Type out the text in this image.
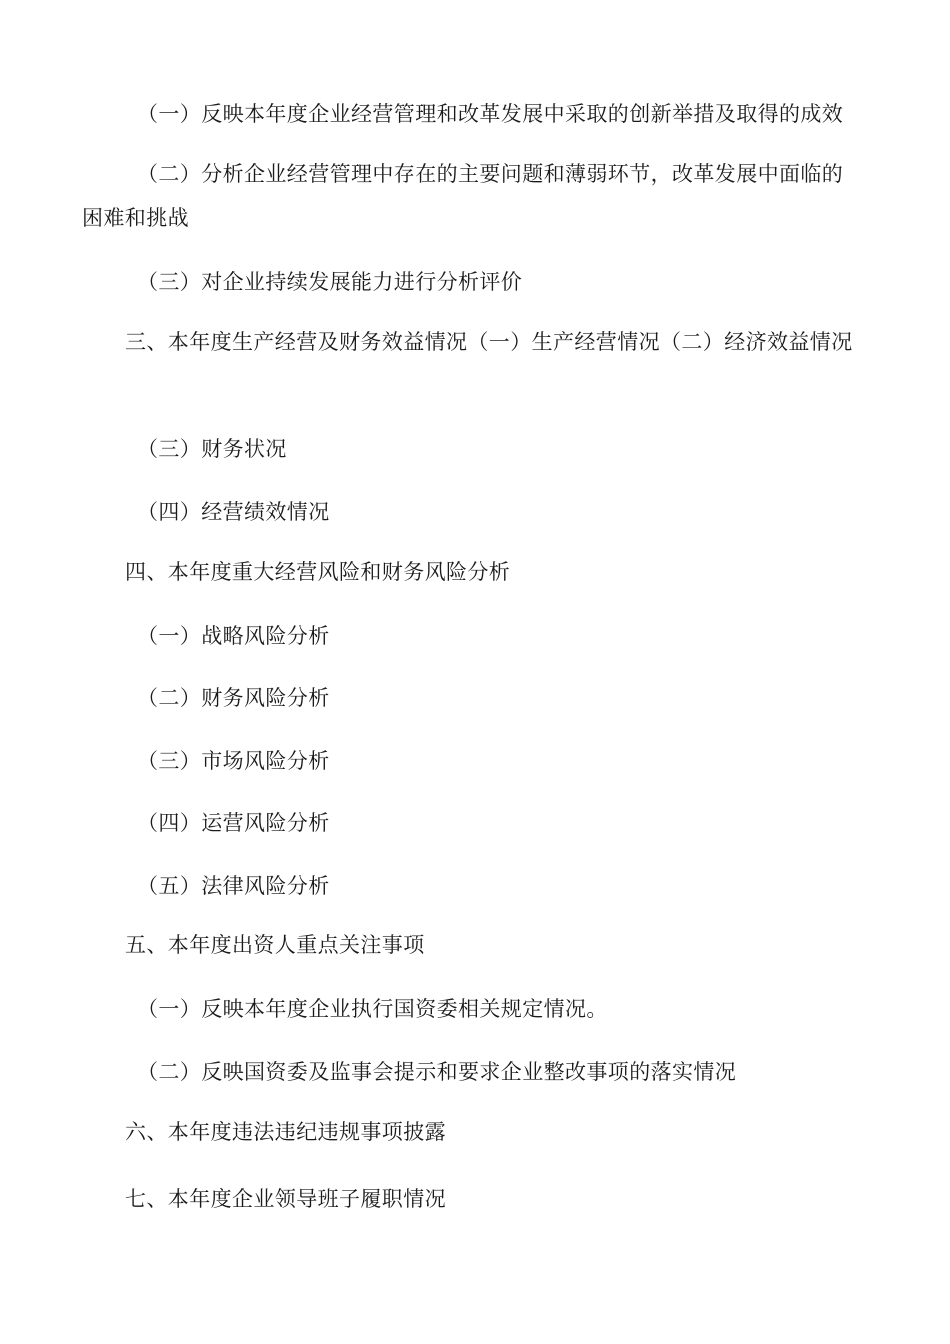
（一）反映本年度企业经营管理和改革发展中采取的创新举措及取得的成效
（二）分析企业经营管理中存在的主要问题和薄弱环节，改革发展中面临的困难和挑战
（三）对企业持续发展能力进行分析评价
三、本年度生产经营及财务效益情况（一）生产经营情况（二）经济效益情况
（三）财务状况
（四）经营绩效情况
四、本年度重大经营风险和财务风险分析
（一）战略风险分析
（二）财务风险分析
（三）市场风险分析
（四）运营风险分析
（五）法律风险分析
五、本年度出资人重点关注事项
（一）反映本年度企业执行国资委相关规定情况。
（二）反映国资委及监事会提示和要求企业整改事项的落实情况
六、本年度违法违纪违规事项披露
七、本年度企业领导班子履职情况
